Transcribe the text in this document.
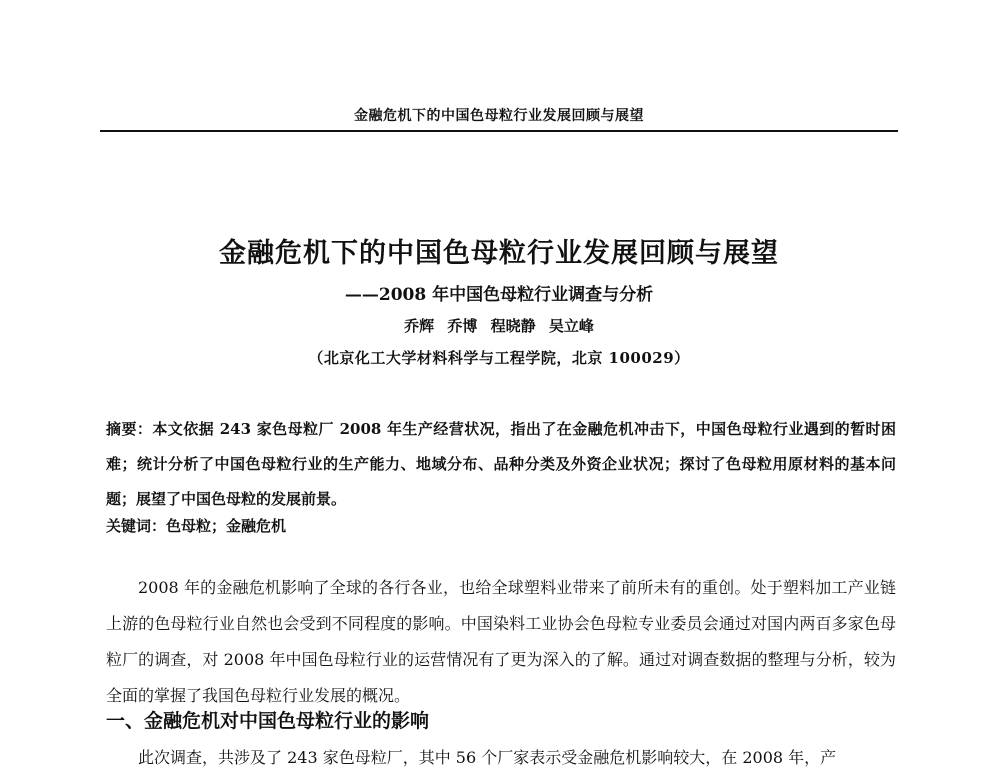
金融危机下的中国色母粒行业发展回顾与展望
金融危机下的中国色母粒行业发展回顾与展望
——2008 年中国色母粒行业调查与分析
乔辉 乔博 程晓静 吴立峰
（北京化工大学材料科学与工程学院，北京 100029）
摘要：本文依据 243 家色母粒厂 2008 年生产经营状况，指出了在金融危机冲击下，中国色母粒行业遇到的暂时困难；统计分析了中国色母粒行业的生产能力、地域分布、品种分类及外资企业状况；探讨了色母粒用原材料的基本问题；展望了中国色母粒的发展前景。
关键词：色母粒；金融危机

2008 年的金融危机影响了全球的各行各业，也给全球塑料业带来了前所未有的重创。处于塑料加工产业链上游的色母粒行业自然也会受到不同程度的影响。中国染料工业协会色母粒专业委员会通过对国内两百多家色母粒厂的调查，对 2008 年中国色母粒行业的运营情况有了更为深入的了解。通过对调查数据的整理与分析，较为全面的掌握了我国色母粒行业发展的概况。

一、金融危机对中国色母粒行业的影响

此次调查，共涉及了 243 家色母粒厂，其中 56 个厂家表示受金融危机影响较大，在 2008 年，产
